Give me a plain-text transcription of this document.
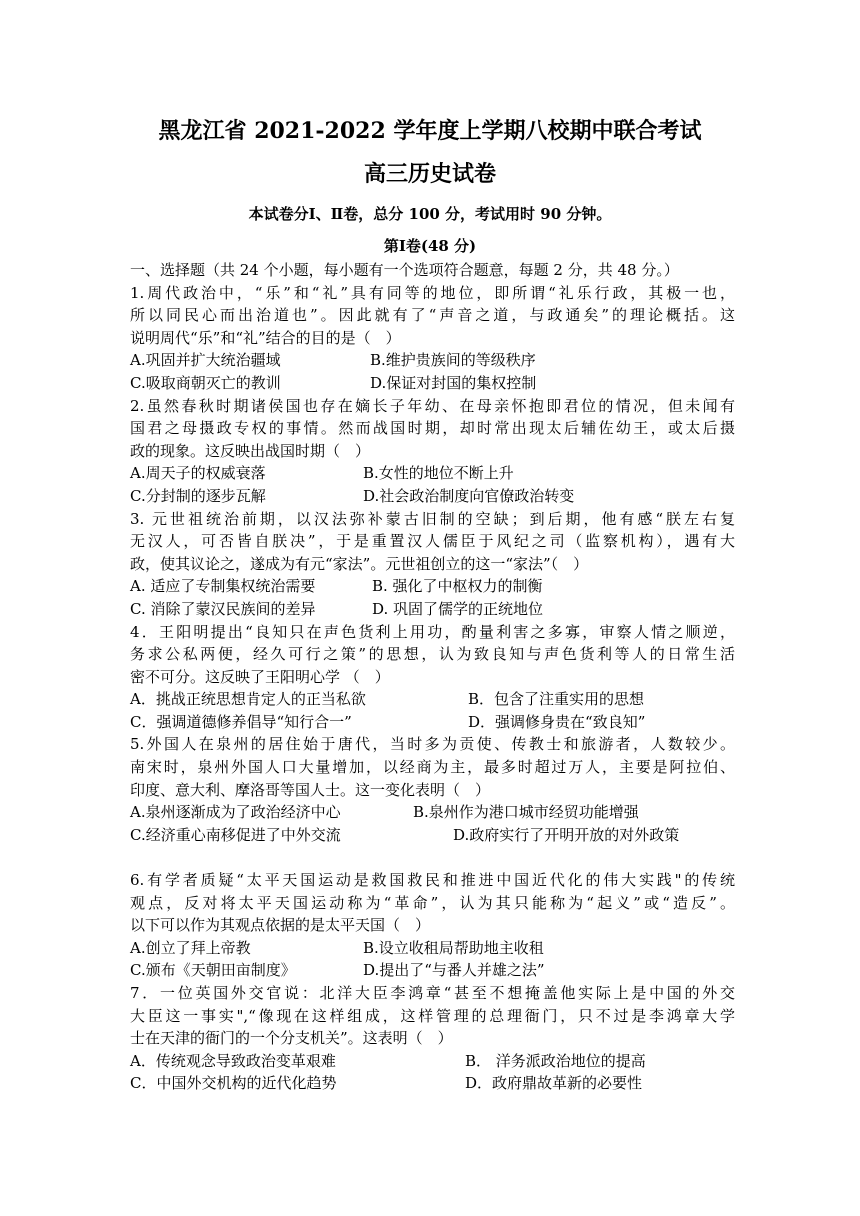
黑龙江省 2021-2022 学年度上学期八校期中联合考试
高三历史试卷
本试卷分Ⅰ、Ⅱ卷，总分 100 分，考试用时 90 分钟。
第Ⅰ卷(48 分)
一、选择题（共 24 个小题，每小题有一个选项符合题意，每题 2 分，共 48 分。）
1.周代政治中，“乐”和“礼”具有同等的地位，即所谓“礼乐行政，其极一也，
所以同民心而出治道也”。因此就有了“声音之道，与政通矣”的理论概括。这
说明周代“乐”和“礼”结合的目的是（　）
A.巩固并扩大统治疆域	B.维护贵族间的等级秩序
C.吸取商朝灭亡的教训	D.保证对封国的集权控制
2.虽然春秋时期诸侯国也存在嫡长子年幼、在母亲怀抱即君位的情况，但未闻有
国君之母摄政专权的事情。然而战国时期，却时常出现太后辅佐幼王，或太后摄
政的现象。这反映出战国时期（　）
A.周天子的权威衰落	B.女性的地位不断上升
C.分封制的逐步瓦解	D.社会政治制度向官僚政治转变
3. 元世祖统治前期，以汉法弥补蒙古旧制的空缺；到后期，他有感“朕左右复
无汉人，可否皆自朕决”，于是重置汉人儒臣于风纪之司（监察机构），遇有大
政，使其议论之，遂成为有元“家法”。元世祖创立的这一“家法”（　）
A. 适应了专制集权统治需要	B. 强化了中枢权力的制衡
C. 消除了蒙汉民族间的差异	D. 巩固了儒学的正统地位
4．王阳明提出“良知只在声色货利上用功，酌量利害之多寡，审察人情之顺逆，
务求公私两便，经久可行之策”的思想，认为致良知与声色货利等人的日常生活
密不可分。这反映了王阳明心学 （　）
A．挑战正统思想肯定人的正当私欲	B．包含了注重实用的思想
C．强调道德修养倡导“知行合一”	D．强调修身贵在“致良知”
5.外国人在泉州的居住始于唐代，当时多为贡使、传教士和旅游者，人数较少。
南宋时，泉州外国人口大量增加，以经商为主，最多时超过万人，主要是阿拉伯、
印度、意大利、摩洛哥等国人士。这一变化表明（　）
A.泉州逐渐成为了政治经济中心	B.泉州作为港口城市经贸功能增强
C.经济重心南移促进了中外交流	D.政府实行了开明开放的对外政策
6.有学者质疑“太平天国运动是救国救民和推进中国近代化的伟大实践"的传统
观点，反对将太平天国运动称为“革命”，认为其只能称为“起义”或“造反”。
以下可以作为其观点依据的是太平天国（　）
A.创立了拜上帝教	B.设立收租局帮助地主收租
C.颁布《天朝田亩制度》	D.提出了“与番人并雄之法”
7．一位英国外交官说：北洋大臣李鸿章“甚至不想掩盖他实际上是中国的外交
大臣这一事实",“像现在这样组成，这样管理的总理衙门，只不过是李鸿章大学
士在天津的衙门的一个分支机关”。这表明（　）
A．传统观念导致政治变革艰难	B． 洋务派政治地位的提高
C．中国外交机构的近代化趋势	D．政府鼎故革新的必要性
